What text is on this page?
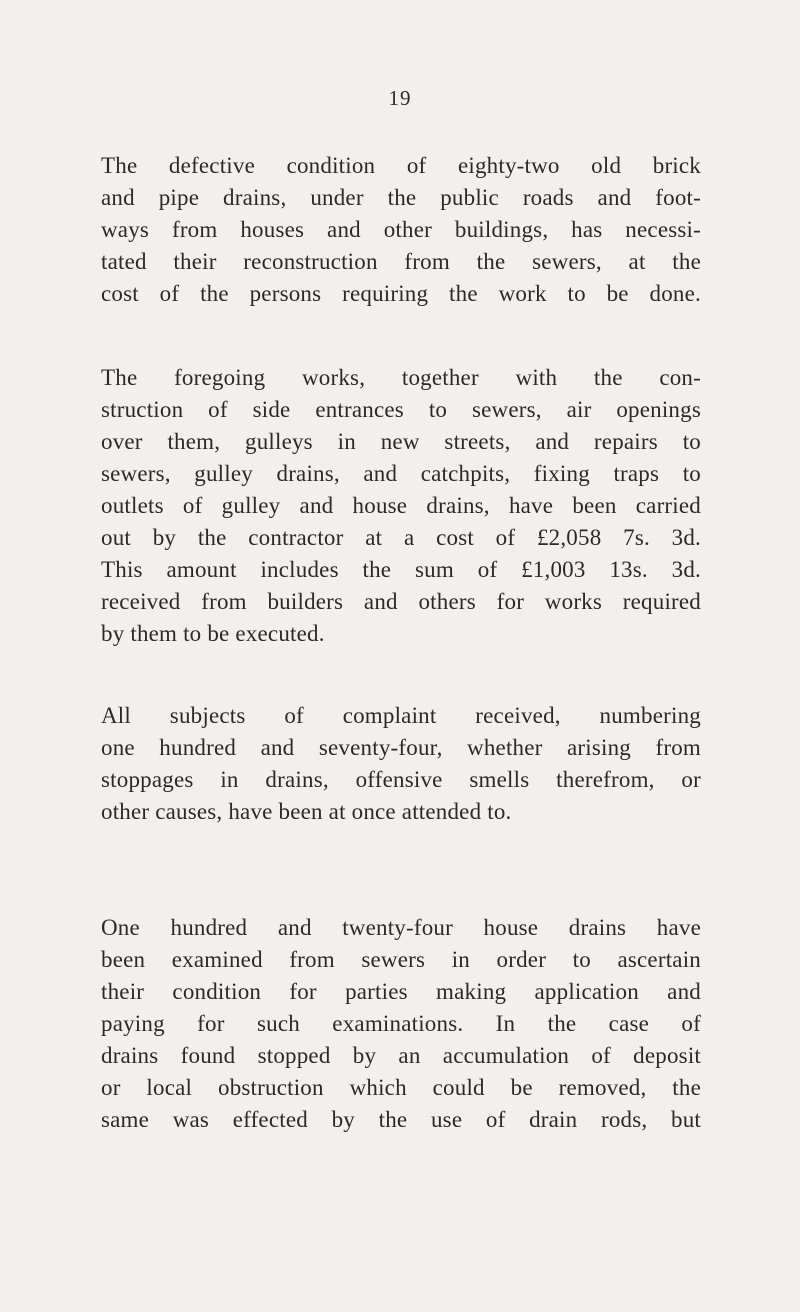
19
The defective condition of eighty-two old brick
and pipe drains, under the public roads and foot-
ways from houses and other buildings, has necessi-
tated their reconstruction from the sewers, at the
cost of the persons requiring the work to be done.
The foregoing works, together with the con-
struction of side entrances to sewers, air openings
over them, gulleys in new streets, and repairs to
sewers, gulley drains, and catchpits, fixing traps to
outlets of gulley and house drains, have been carried
out by the contractor at a cost of £2,058 7s. 3d.
This amount includes the sum of £1,003 13s. 3d.
received from builders and others for works required
by them to be executed.
All subjects of complaint received, numbering
one hundred and seventy-four, whether arising from
stoppages in drains, offensive smells therefrom, or
other causes, have been at once attended to.
One hundred and twenty-four house drains have
been examined from sewers in order to ascertain
their condition for parties making application and
paying for such examinations. In the case of
drains found stopped by an accumulation of deposit
or local obstruction which could be removed, the
same was effected by the use of drain rods, but
